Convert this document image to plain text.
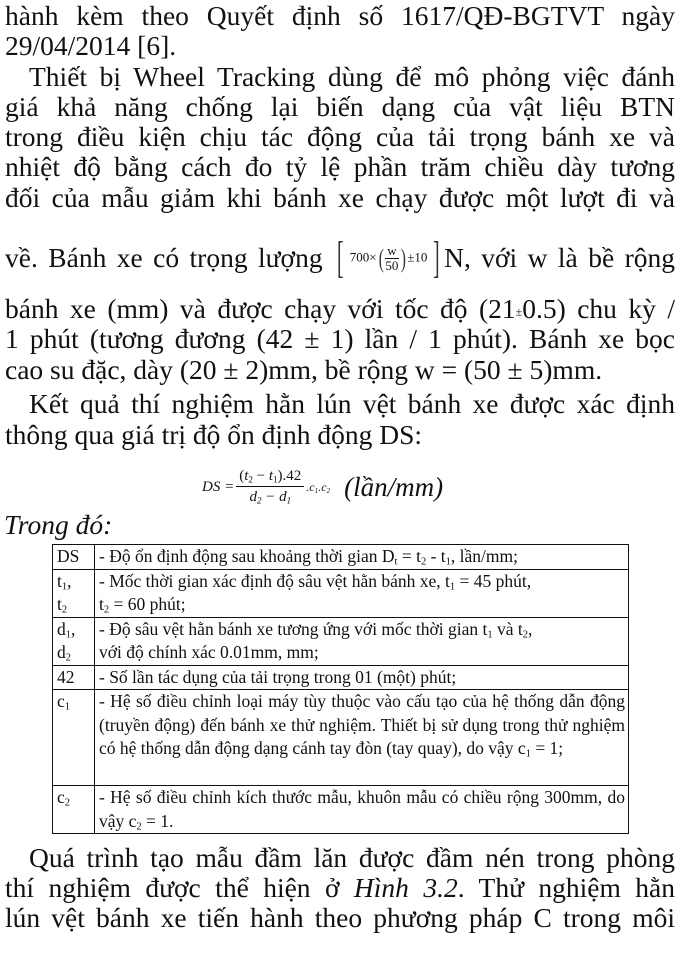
hành kèm theo Quyết định số 1617/QĐ-BGTVT ngày
29/04/2014 [6].
Thiết bị Wheel Tracking dùng để mô phỏng việc đánh
giá khả năng chống lại biến dạng của vật liệu BTN
trong điều kiện chịu tác động của tải trọng bánh xe và
nhiệt độ bằng cách đo tỷ lệ phần trăm chiều dày tương
đối của mẫu giảm khi bánh xe chạy được một lượt đi và
về. Bánh xe có trọng lượng [ $700\times( \frac{w}{50}$ ) ±10 ] N, với w là bề rộng
bánh xe (mm) và được chạy với tốc độ (21±0.5) chu kỳ /
1 phút (tương đương (42 ± 1) lần / 1 phút). Bánh xe bọc
cao su đặc, dày (20 ± 2)mm, bề rộng w = (50 ± 5)mm.
Kết quả thí nghiệm hằn lún vệt bánh xe được xác định
thông qua giá trị độ ổn định động DS:
DS = $\frac{(t_2 - t_1).42}{d_2 - d_1} .c_1.c_2$ (lần/mm)
Trong đó:
DS	- Độ ổn định động sau khoảng thời gian $D_t = t_2 - t_1$, lần/mm;
$t_1$,
$t_2$	- Mốc thời gian xác định độ sâu vệt hằn bánh xe, $t_1 = 45$ phút,
$t_2 = 60$ phút;
$d_1$,
$d_2$	- Độ sâu vệt hằn bánh xe tương ứng với mốc thời gian $t_1$ và $t_2$,
với độ chính xác 0.01mm, mm;
42	- Số lần tác dụng của tải trọng trong 01 (một) phút;
$c_1$	- Hệ số điều chỉnh loại máy tùy thuộc vào cấu tạo của hệ thống dẫn động (truyền động) đến bánh xe thử nghiệm. Thiết bị sử dụng trong thử nghiệm có hệ thống dẫn động dạng cánh tay đòn (tay quay), do vậy $c_1 = 1$;
$c_2$	- Hệ số điều chỉnh kích thước mẫu, khuôn mẫu có chiều rộng 300mm, do vậy $c_2 = 1$.
Quá trình tạo mẫu đầm lăn được đầm nén trong phòng
thí nghiệm được thể hiện ở Hình 3.2. Thử nghiệm hằn
lún vệt bánh xe tiến hành theo phương pháp C trong môi
